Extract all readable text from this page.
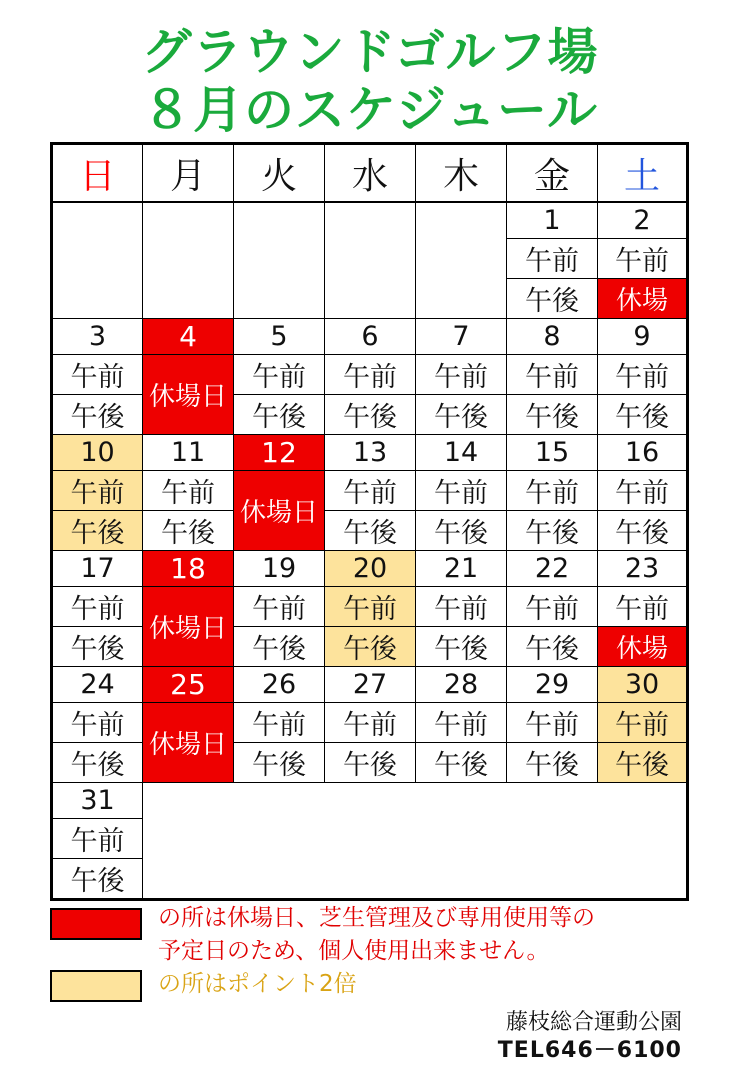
グラウンドゴルフ場
８月のスケジュール
日	月	火	水	木	金	土
					1	2
					午前	午前
					午後	休場
3	4	5	6	7	8	9
午前	休場日	午前	午前	午前	午前	午前
午後		午後	午後	午後	午後	午後
10	11	12	13	14	15	16
午前	午前	休場日	午前	午前	午前	午前
午後	午後		午後	午後	午後	午後
17	18	19	20	21	22	23
午前	休場日	午前	午前	午前	午前	午前
午後		午後	午後	午後	午後	休場
24	25	26	27	28	29	30
午前	休場日	午前	午前	午前	午前	午前
午後		午後	午後	午後	午後	午後
31						
午前						
午後						
の所は休場日、芝生管理及び専用使用等の
予定日のため、個人使用出来ません。
の所はポイント2倍
藤枝総合運動公園
TEL646－6100
